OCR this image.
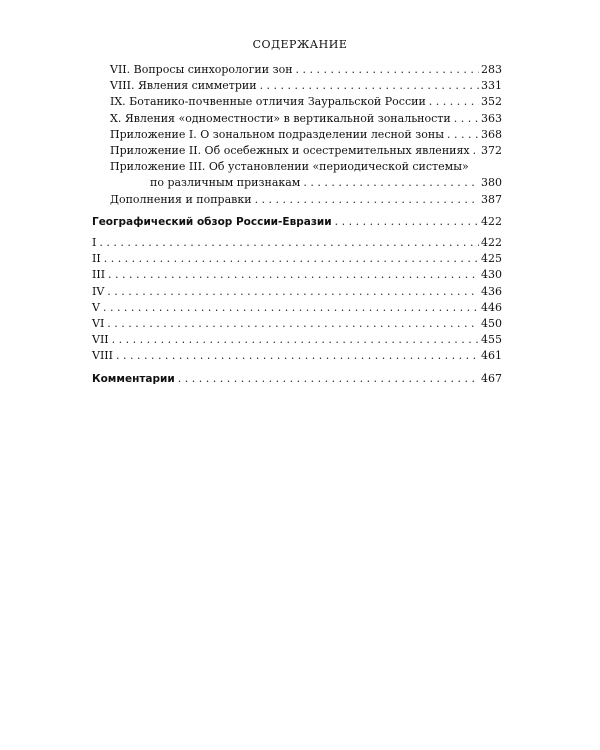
СОДЕРЖАНИЕ
VII. Вопросы синхорологии зон . . .	283
VIII. Явления симметрии . . .	331
IX. Ботанико-почвенные отличия Зауральской России . . .	352
X. Явления «одноместности» в вертикальной зональности . . .	363
Приложение I. О зональном подразделении лесной зоны . . .	368
Приложение II. Об осебежных и осестремительных явлениях . . . 372
Приложение III. Об установлении «периодической системы»
по различным признакам . . .	380
Дополнения и поправки . . .	387
Географический обзор России-Евразии . . .	422
I . . .	422
II . . .	425
III . . .	430
IV . . .	436
V . . .	446
VI . . .	450
VII . . .	455
VIII . . .	461
Комментарии . . .	467
